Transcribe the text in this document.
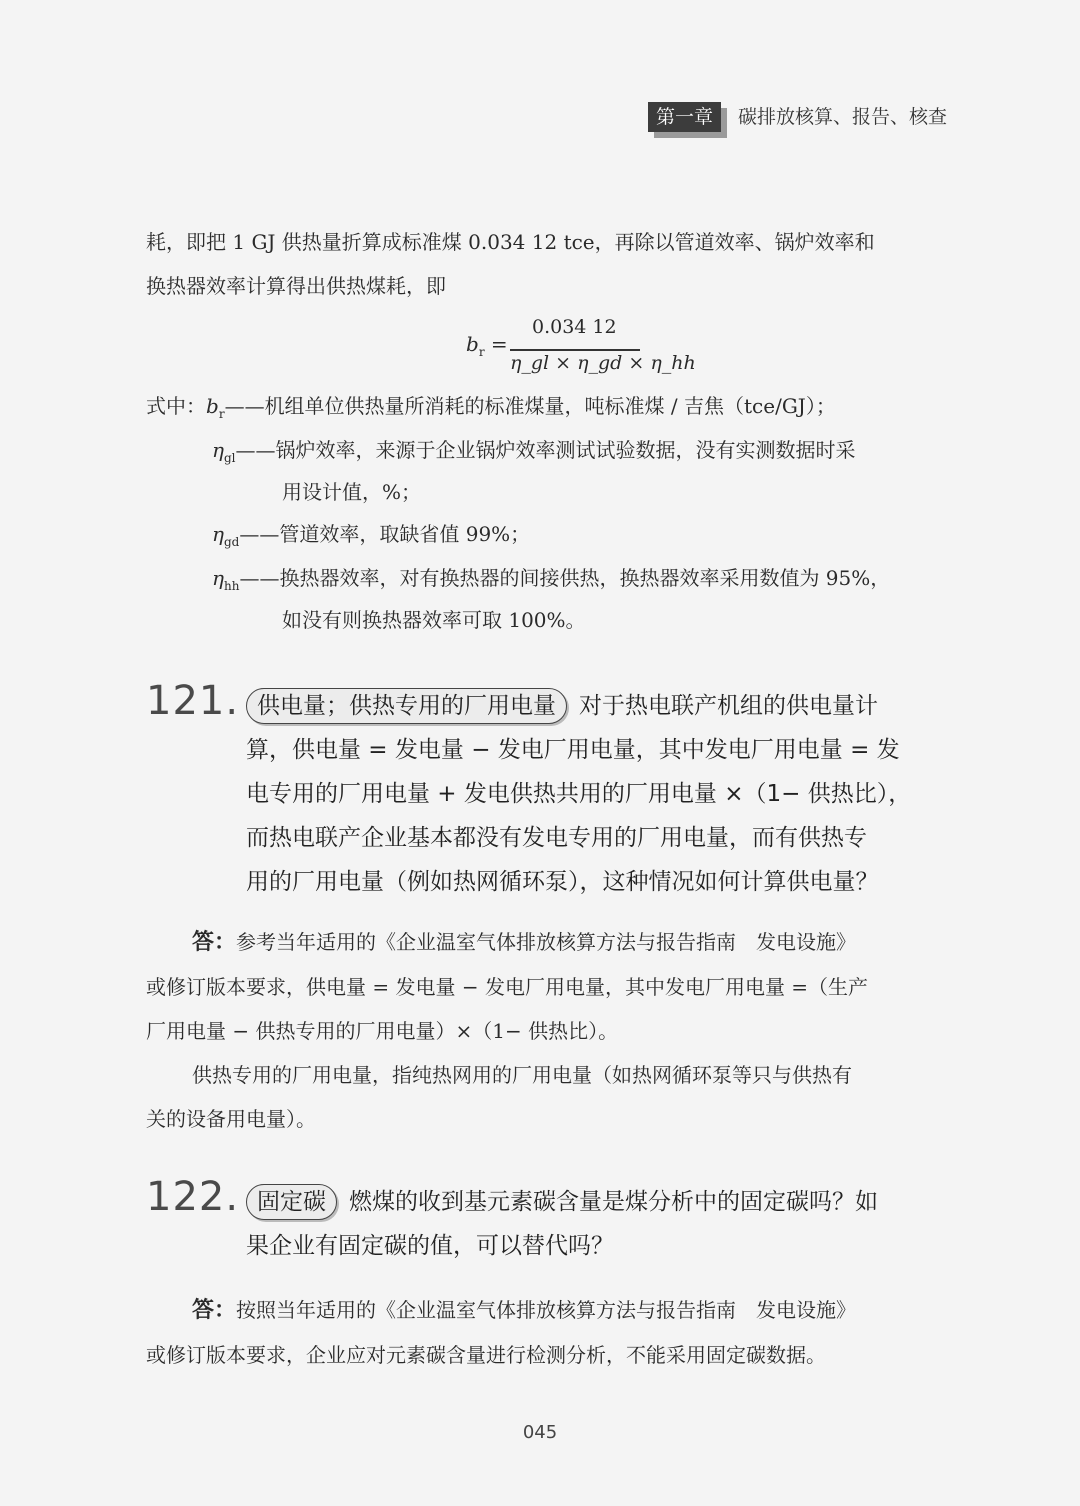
第一章	碳排放核算、报告、核查
耗，即把 1 GJ 供热量折算成标准煤 0.034 12 tce，再除以管道效率、锅炉效率和
换热器效率计算得出供热煤耗，即
$b_r$ =
0.034 12
η_gl × η_gd × η_hh
式中：$b_r——$机组单位供热量所消耗的标准煤量，吨标准煤 / 吉焦（tce/GJ）；
$\eta_{gl}——$锅炉效率，来源于企业锅炉效率测试试验数据，没有实测数据时采
用设计值，%；
$\eta_{gd}——$管道效率，取缺省值 99%；
$\eta_{hh}——$换热器效率，对有换热器的间接供热，换热器效率采用数值为 95%，
如没有则换热器效率可取 100%。
121. 供电量；供热专用的厂用电量 对于热电联产机组的供电量计
算，供电量 = 发电量 − 发电厂用电量，其中发电厂用电量 = 发
电专用的厂用电量 + 发电供热共用的厂用电量 ×（1− 供热比），
而热电联产企业基本都没有发电专用的厂用电量，而有供热专
用的厂用电量（例如热网循环泵），这种情况如何计算供电量？
答：参考当年适用的《企业温室气体排放核算方法与报告指南　发电设施》
或修订版本要求，供电量 = 发电量 − 发电厂用电量，其中发电厂用电量 =（生产
厂用电量 − 供热专用的厂用电量）×（1− 供热比）。
供热专用的厂用电量，指纯热网用的厂用电量（如热网循环泵等只与供热有
关的设备用电量）。
122. 固定碳 燃煤的收到基元素碳含量是煤分析中的固定碳吗？如
果企业有固定碳的值，可以替代吗？
答：按照当年适用的《企业温室气体排放核算方法与报告指南　发电设施》
或修订版本要求，企业应对元素碳含量进行检测分析，不能采用固定碳数据。
045
